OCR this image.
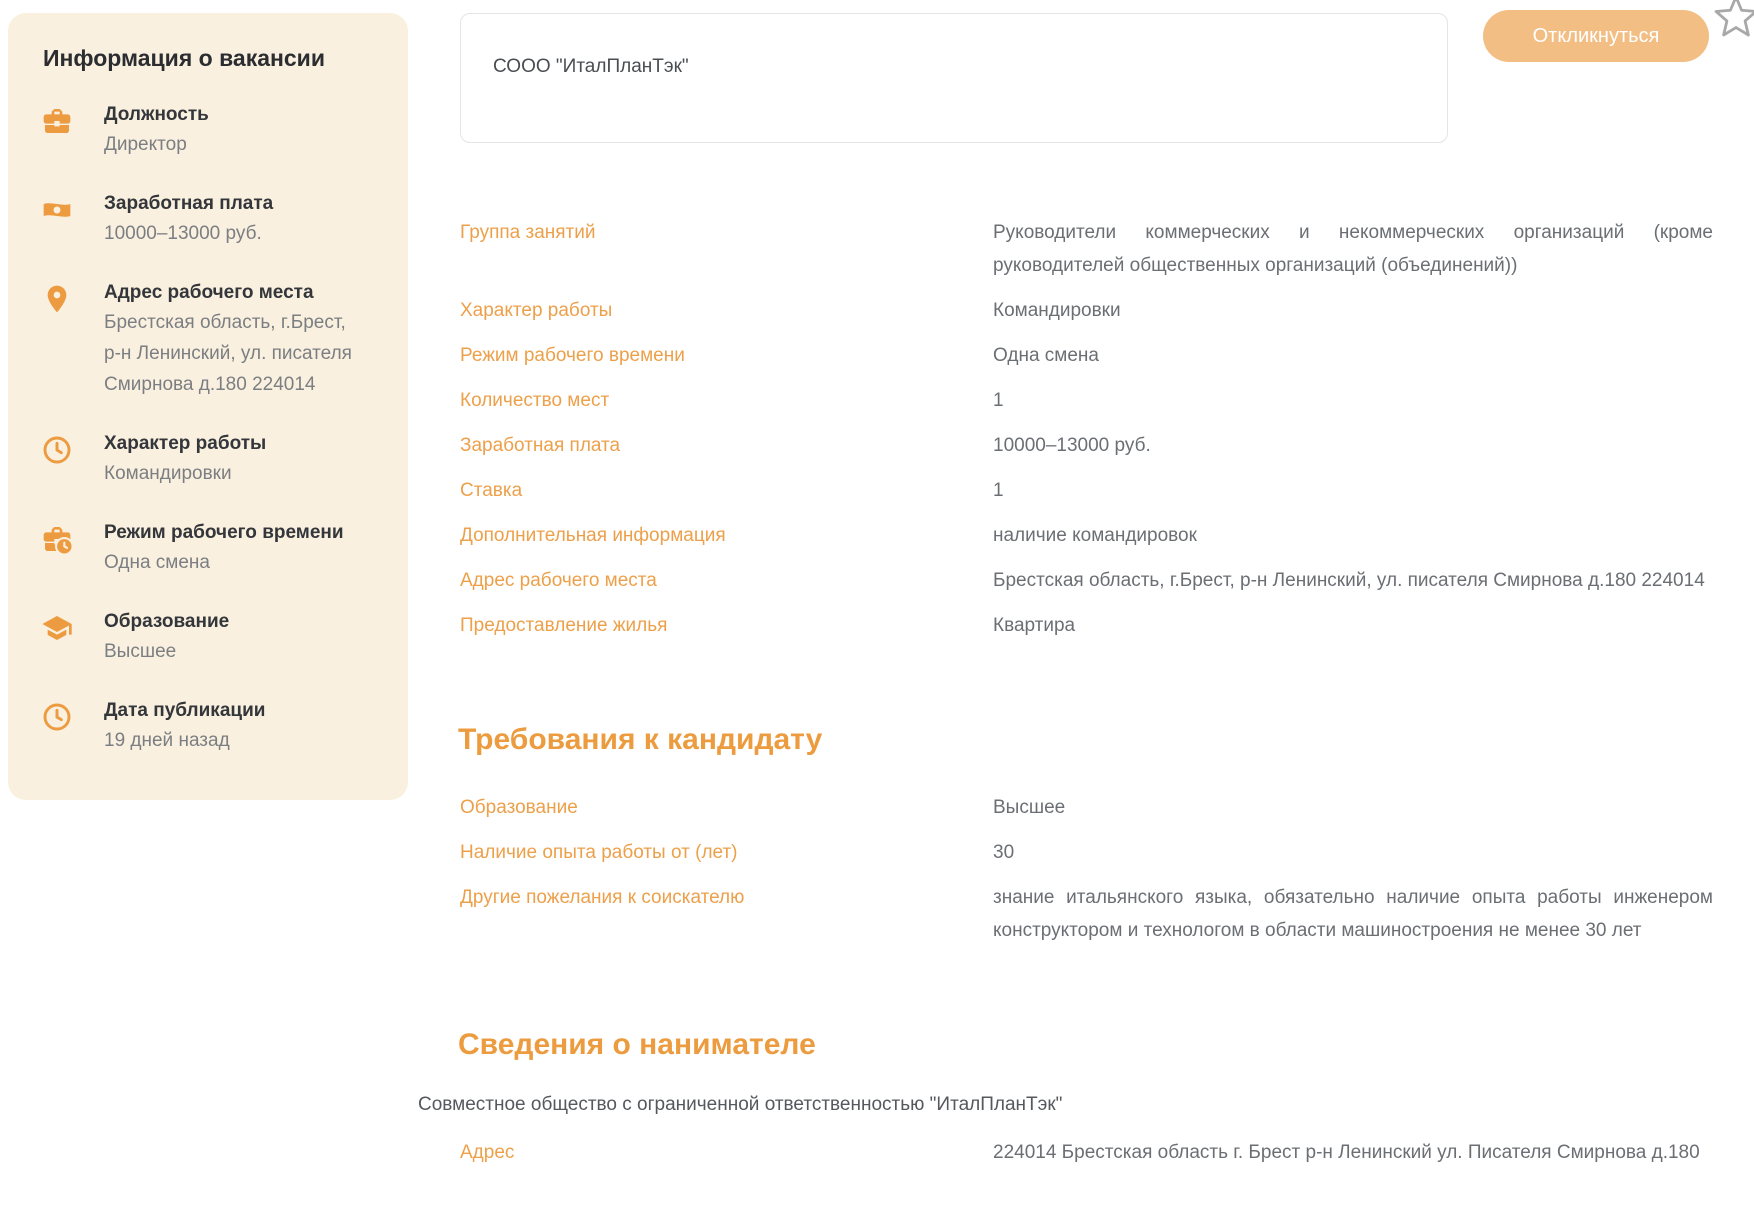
Информация о вакансии
Должность
Директор
Заработная плата
10000–13000 руб.
Адрес рабочего места
Брестская область, г.Брест, р-н Ленинский, ул. писателя Смирнова д.180 224014
Характер работы
Командировки
Режим рабочего времени
Одна смена
Образование
Высшее
Дата публикации
19 дней назад
СООО "ИталПланТэк"
Откликнуться
Группа занятий	Руководители коммерческих и некоммерческих организаций (кроме руководителей общественных организаций (объединений))
Характер работы	Командировки
Режим рабочего времени	Одна смена
Количество мест	1
Заработная плата	10000–13000 руб.
Ставка	1
Дополнительная информация	наличие командировок
Адрес рабочего места	Брестская область, г.Брест, р-н Ленинский, ул. писателя Смирнова д.180 224014
Предоставление жилья	Квартира
Требования к кандидату
Образование	Высшее
Наличие опыта работы от (лет)	30
Другие пожелания к соискателю	знание итальянского языка, обязательно наличие опыта работы инженером конструктором и технологом в области машиностроения не менее 30 лет
Сведения о нанимателе
Совместное общество с ограниченной ответственностью "ИталПланТэк"
Адрес	224014 Брестская область г. Брест р-н Ленинский ул. Писателя Смирнова д.180
